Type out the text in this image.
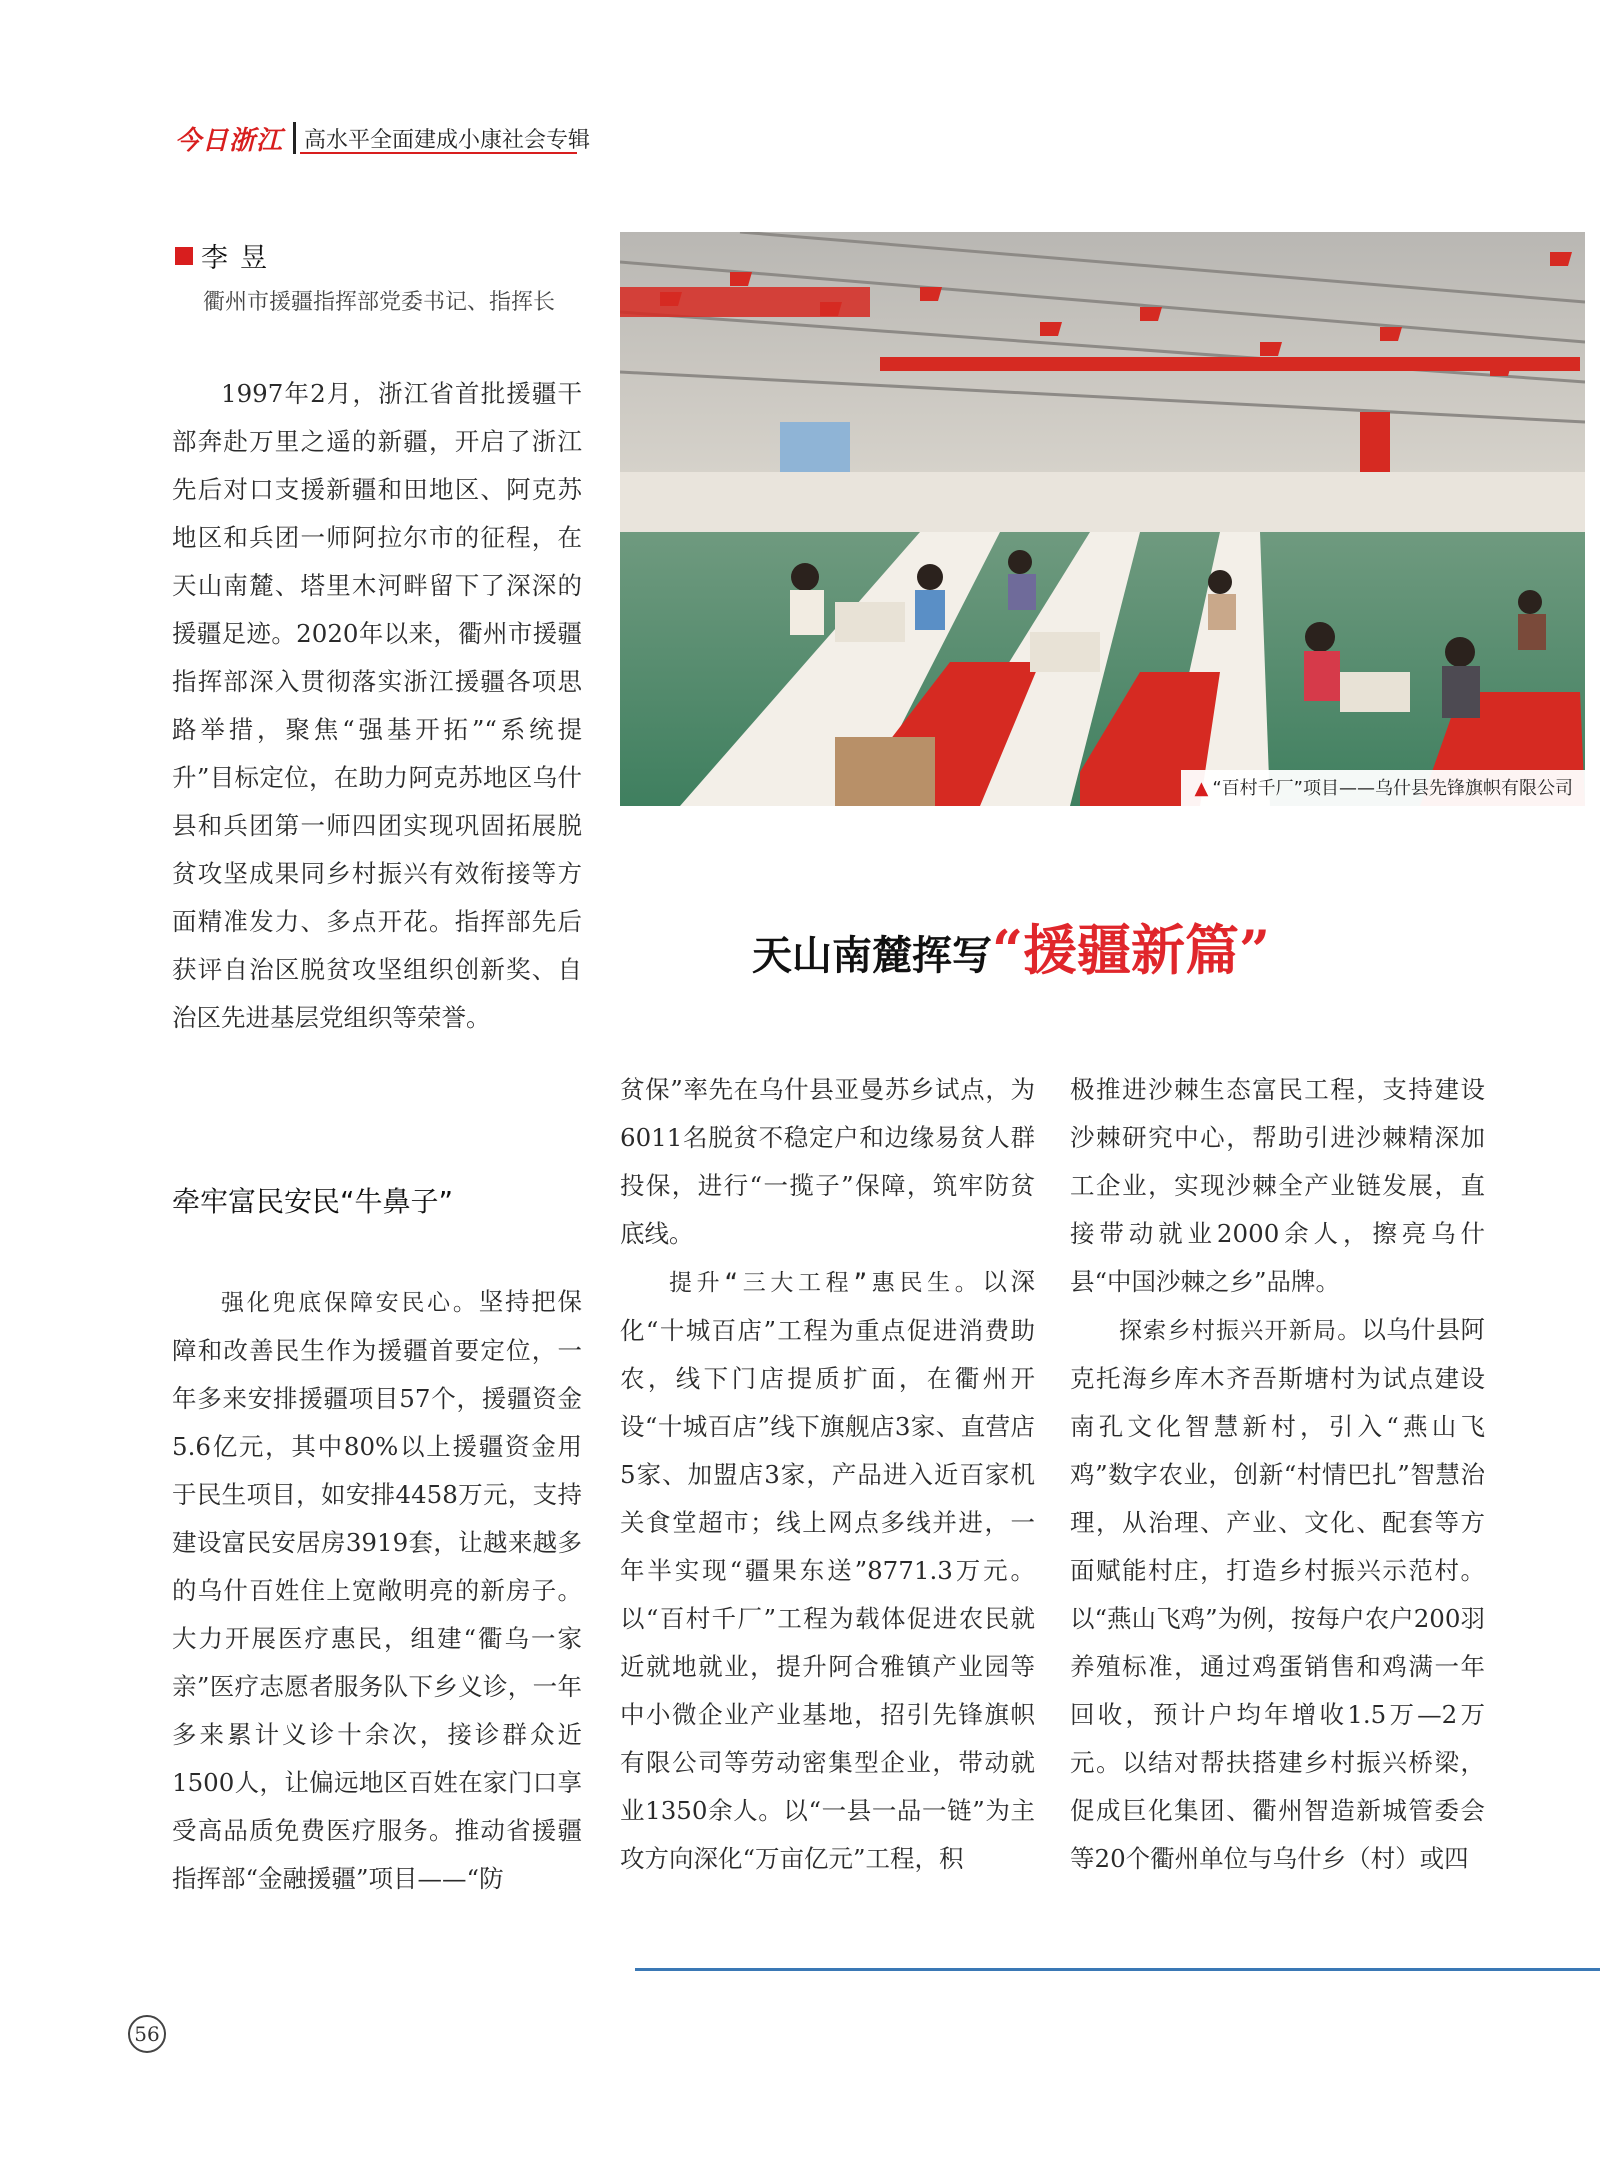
今日浙江 高水平全面建成小康社会专辑
李昱
衢州市援疆指挥部党委书记、指挥长

1997年2月，浙江省首批援疆干部奔赴万里之遥的新疆，开启了浙江先后对口支援新疆和田地区、阿克苏地区和兵团一师阿拉尔市的征程，在天山南麓、塔里木河畔留下了深深的援疆足迹。2020年以来，衢州市援疆指挥部深入贯彻落实浙江援疆各项思路举措，聚焦“强基开拓”“系统提升”目标定位，在助力阿克苏地区乌什县和兵团第一师四团实现巩固拓展脱贫攻坚成果同乡村振兴有效衔接等方面精准发力、多点开花。指挥部先后获评自治区脱贫攻坚组织创新奖、自治区先进基层党组织等荣誉。

牵牢富民安民“牛鼻子”

强化兜底保障安民心。坚持把保障和改善民生作为援疆首要定位，一年多来安排援疆项目57个，援疆资金5.6亿元，其中80%以上援疆资金用于民生项目，如安排4458万元，支持建设富民安居房3919套，让越来越多的乌什百姓住上宽敞明亮的新房子。大力开展医疗惠民，组建“衢乌一家亲”医疗志愿者服务队下乡义诊，一年多来累计义诊十余次，接诊群众近1500人，让偏远地区百姓在家门口享受高品质免费医疗服务。推动省援疆指挥部“金融援疆”项目——“防

▲ “百村千厂”项目——乌什县先锋旗帜有限公司
天山南麓挥写 “援疆新篇”

贫保”率先在乌什县亚曼苏乡试点，为6011名脱贫不稳定户和边缘易贫人群投保，进行“一揽子”保障，筑牢防贫底线。

提升“三大工程”惠民生。以深化“十城百店”工程为重点促进消费助农，线下门店提质扩面，在衢州开设“十城百店”线下旗舰店3家、直营店5家、加盟店3家，产品进入近百家机关食堂超市；线上网点多线并进，一年半实现“疆果东送”8771.3万元。以“百村千厂”工程为载体促进农民就近就地就业，提升阿合雅镇产业园等中小微企业产业基地，招引先锋旗帜有限公司等劳动密集型企业，带动就业1350余人。以“一县一品一链”为主攻方向深化“万亩亿元”工程，积

极推进沙棘生态富民工程，支持建设沙棘研究中心，帮助引进沙棘精深加工企业，实现沙棘全产业链发展，直接带动就业2000余人，擦亮乌什县“中国沙棘之乡”品牌。

探索乡村振兴开新局。以乌什县阿克托海乡库木齐吾斯塘村为试点建设南孔文化智慧新村，引入“燕山飞鸡”数字农业，创新“村情巴扎”智慧治理，从治理、产业、文化、配套等方面赋能村庄，打造乡村振兴示范村。以“燕山飞鸡”为例，按每户农户200羽养殖标准，通过鸡蛋销售和鸡满一年回收，预计户均年增收1.5万—2万元。以结对帮扶搭建乡村振兴桥梁，促成巨化集团、衢州智造新城管委会等20个衢州单位与乌什乡（村）或四

56
